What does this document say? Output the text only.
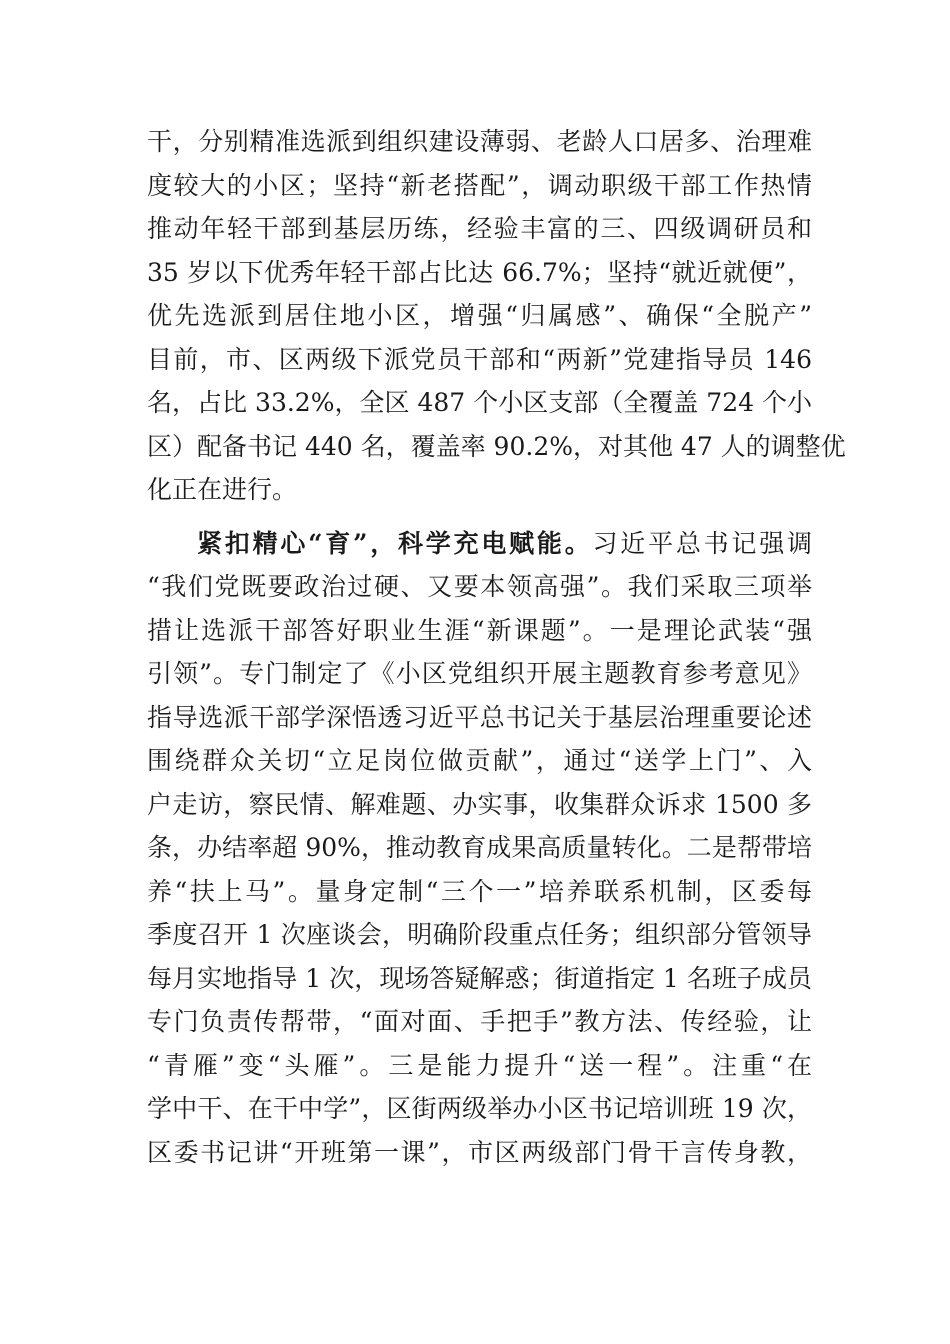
干，分别精准选派到组织建设薄弱、老龄人口居多、治理难
度较大的小区；坚持“新老搭配”，调动职级干部工作热情
推动年轻干部到基层历练，经验丰富的三、四级调研员和
35 岁以下优秀年轻干部占比达 66.7%；坚持“就近就便”，
优先选派到居住地小区，增强“归属感”、确保“全脱产”
目前，市、区两级下派党员干部和“两新”党建指导员 146
名，占比 33.2%，全区 487 个小区支部（全覆盖 724 个小
区）配备书记 440 名，覆盖率 90.2%，对其他 47 人的调整优
化正在进行。
紧扣精心“育”，科学充电赋能。习近平总书记强调
“我们党既要政治过硬、又要本领高强”。我们采取三项举
措让选派干部答好职业生涯“新课题”。一是理论武装“强
引领”。专门制定了《小区党组织开展主题教育参考意见》
指导选派干部学深悟透习近平总书记关于基层治理重要论述
围绕群众关切“立足岗位做贡献”，通过“送学上门”、入
户走访，察民情、解难题、办实事，收集群众诉求 1500 多
条，办结率超 90%，推动教育成果高质量转化。二是帮带培
养“扶上马”。量身定制“三个一”培养联系机制，区委每
季度召开 1 次座谈会，明确阶段重点任务；组织部分管领导
每月实地指导 1 次，现场答疑解惑；街道指定 1 名班子成员
专门负责传帮带，“面对面、手把手”教方法、传经验，让
“青雁”变“头雁”。三是能力提升“送一程”。注重“在
学中干、在干中学”，区街两级举办小区书记培训班 19 次，
区委书记讲“开班第一课”，市区两级部门骨干言传身教，
